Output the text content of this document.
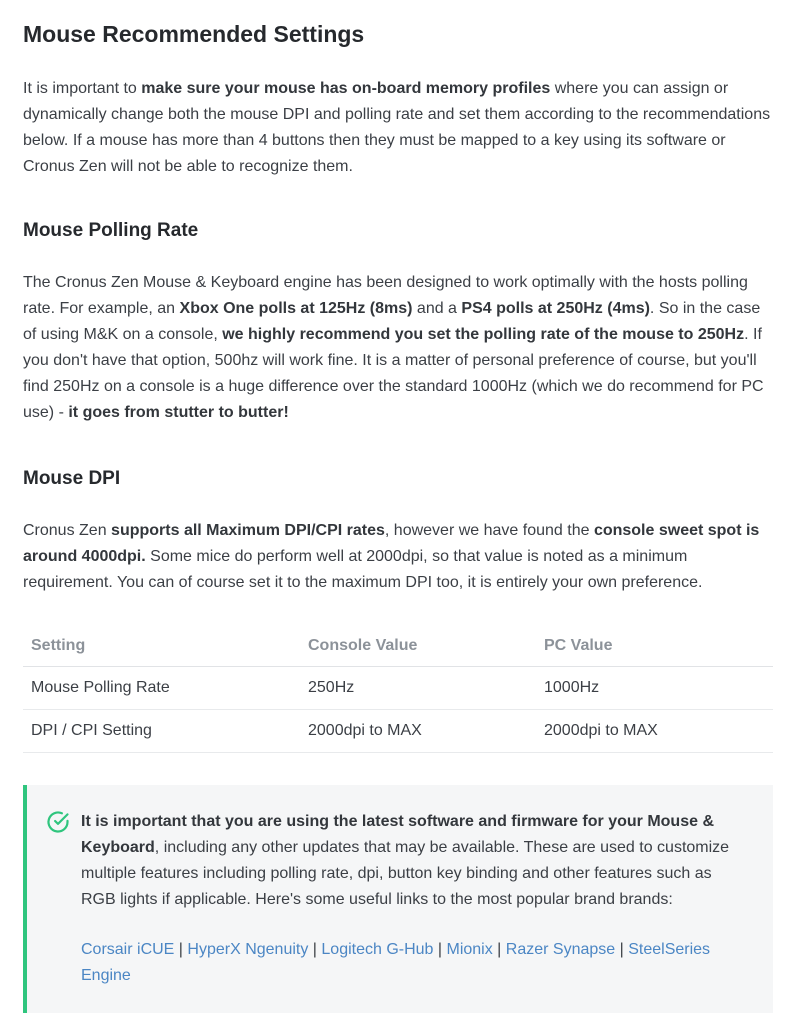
Mouse Recommended Settings

It is important to make sure your mouse has on-board memory profiles where you can assign or dynamically change both the mouse DPI and polling rate and set them according to the recommendations below. If a mouse has more than 4 buttons then they must be mapped to a key using its software or Cronus Zen will not be able to recognize them.

Mouse Polling Rate

The Cronus Zen Mouse & Keyboard engine has been designed to work optimally with the hosts polling rate. For example, an Xbox One polls at 125Hz (8ms) and a PS4 polls at 250Hz (4ms). So in the case of using M&K on a console, we highly recommend you set the polling rate of the mouse to 250Hz. If you don't have that option, 500hz will work fine. It is a matter of personal preference of course, but you'll find 250Hz on a console is a huge difference over the standard 1000Hz (which we do recommend for PC use) - it goes from stutter to butter!

Mouse DPI

Cronus Zen supports all Maximum DPI/CPI rates, however we have found the console sweet spot is around 4000dpi. Some mice do perform well at 2000dpi, so that value is noted as a minimum requirement. You can of course set it to the maximum DPI too, it is entirely your own preference.

Setting	Console Value	PC Value
Mouse Polling Rate	250Hz	1000Hz
DPI / CPI Setting	2000dpi to MAX	2000dpi to MAX

It is important that you are using the latest software and firmware for your Mouse & Keyboard, including any other updates that may be available. These are used to customize multiple features including polling rate, dpi, button key binding and other features such as RGB lights if applicable. Here's some useful links to the most popular brand brands:

Corsair iCUE | HyperX Ngenuity | Logitech G-Hub | Mionix | Razer Synapse | SteelSeries Engine
